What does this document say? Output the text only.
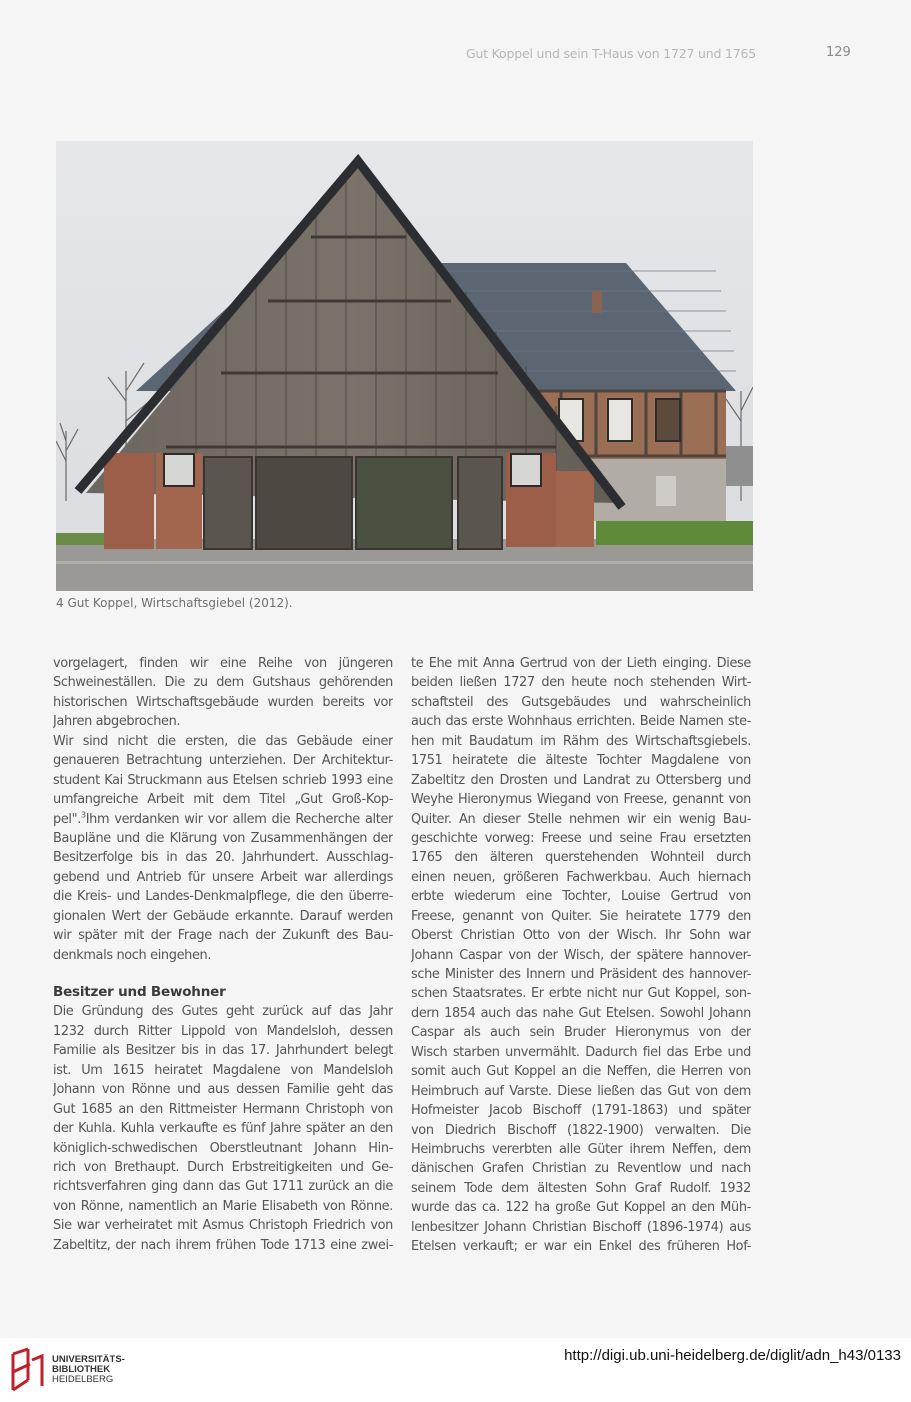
Gut Koppel und sein T-Haus von 1727 und 1765	129
4 Gut Koppel, Wirtschaftsgiebel (2012).
vorgelagert, finden wir eine Reihe von jüngeren
Schweineställen. Die zu dem Gutshaus gehörenden
historischen Wirtschaftsgebäude wurden bereits vor
Jahren abgebrochen.
Wir sind nicht die ersten, die das Gebäude einer
genaueren Betrachtung unterziehen. Der Architektur-
student Kai Struckmann aus Etelsen schrieb 1993 eine
umfangreiche Arbeit mit dem Titel „Gut Groß-Kop-
pel".$^3$Ihm verdanken wir vor allem die Recherche alter
Baupläne und die Klärung von Zusammenhängen der
Besitzerfolge bis in das 20. Jahrhundert. Ausschlag-
gebend und Antrieb für unsere Arbeit war allerdings
die Kreis- und Landes-Denkmalpflege, die den überre-
gionalen Wert der Gebäude erkannte. Darauf werden
wir später mit der Frage nach der Zukunft des Bau-
denkmals noch eingehen.
Besitzer und Bewohner
Die Gründung des Gutes geht zurück auf das Jahr
1232 durch Ritter Lippold von Mandelsloh, dessen
Familie als Besitzer bis in das 17. Jahrhundert belegt
ist. Um 1615 heiratet Magdalene von Mandelsloh
Johann von Rönne und aus dessen Familie geht das
Gut 1685 an den Rittmeister Hermann Christoph von
der Kuhla. Kuhla verkaufte es fünf Jahre später an den
königlich-schwedischen Oberstleutnant Johann Hin-
rich von Brethaupt. Durch Erbstreitigkeiten und Ge-
richtsverfahren ging dann das Gut 1711 zurück an die
von Rönne, namentlich an Marie Elisabeth von Rönne.
Sie war verheiratet mit Asmus Christoph Friedrich von
Zabeltitz, der nach ihrem frühen Tode 1713 eine zwei-
te Ehe mit Anna Gertrud von der Lieth einging. Diese
beiden ließen 1727 den heute noch stehenden Wirt-
schaftsteil des Gutsgebäudes und wahrscheinlich
auch das erste Wohnhaus errichten. Beide Namen ste-
hen mit Baudatum im Rähm des Wirtschaftsgiebels.
1751 heiratete die älteste Tochter Magdalene von
Zabeltitz den Drosten und Landrat zu Ottersberg und
Weyhe Hieronymus Wiegand von Freese, genannt von
Quiter. An dieser Stelle nehmen wir ein wenig Bau-
geschichte vorweg: Freese und seine Frau ersetzten
1765 den älteren querstehenden Wohnteil durch
einen neuen, größeren Fachwerkbau. Auch hiernach
erbte wiederum eine Tochter, Louise Gertrud von
Freese, genannt von Quiter. Sie heiratete 1779 den
Oberst Christian Otto von der Wisch. Ihr Sohn war
Johann Caspar von der Wisch, der spätere hannover-
sche Minister des Innern und Präsident des hannover-
schen Staatsrates. Er erbte nicht nur Gut Koppel, son-
dern 1854 auch das nahe Gut Etelsen. Sowohl Johann
Caspar als auch sein Bruder Hieronymus von der
Wisch starben unvermählt. Dadurch fiel das Erbe und
somit auch Gut Koppel an die Neffen, die Herren von
Heimbruch auf Varste. Diese ließen das Gut von dem
Hofmeister Jacob Bischoff (1791-1863) und später
von Diedrich Bischoff (1822-1900) verwalten. Die
Heimbruchs vererbten alle Güter ihrem Neffen, dem
dänischen Grafen Christian zu Reventlow und nach
seinem Tode dem ältesten Sohn Graf Rudolf. 1932
wurde das ca. 122 ha große Gut Koppel an den Müh-
lenbesitzer Johann Christian Bischoff (1896-1974) aus
Etelsen verkauft; er war ein Enkel des früheren Hof-
UNIVERSITÄTS-
BIBLIOTHEK
HEIDELBERG
http://digi.ub.uni-heidelberg.de/diglit/adn_h43/0133
